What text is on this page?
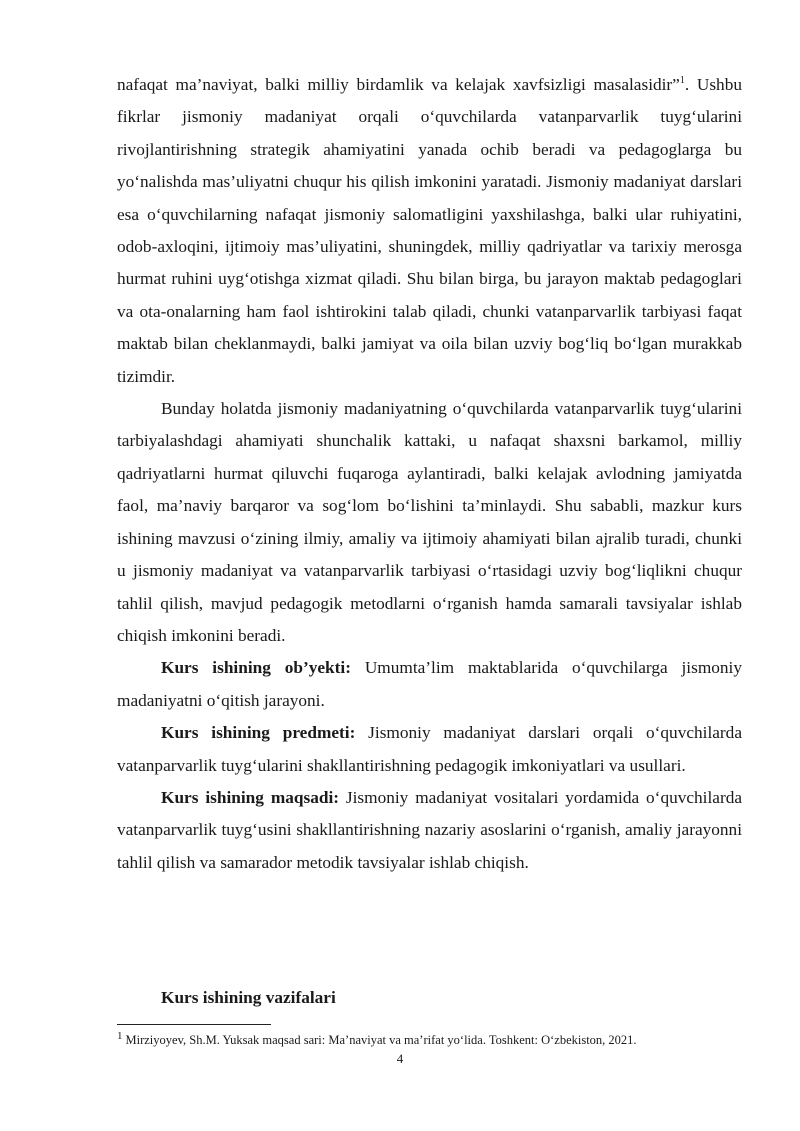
nafaqat ma’naviyat, balki milliy birdamlik va kelajak xavfsizligi masalasidir”$^1$. Ushbu fikrlar jismoniy madaniyat orqali o‘quvchilarda vatanparvarlik tuyg‘ularini rivojlantirishning strategik ahamiyatini yanada ochib beradi va pedagoglarga bu yo‘nalishda mas’uliyatni chuqur his qilish imkonini yaratadi. Jismoniy madaniyat darslari esa o‘quvchilarning nafaqat jismoniy salomatligini yaxshilashga, balki ular ruhiyatini, odob-axloqini, ijtimoiy mas’uliyatini, shuningdek, milliy qadriyatlar va tarixiy merosga hurmat ruhini uyg‘otishga xizmat qiladi. Shu bilan birga, bu jarayon maktab pedagoglari va ota-onalarning ham faol ishtirokini talab qiladi, chunki vatanparvarlik tarbiyasi faqat maktab bilan cheklanmaydi, balki jamiyat va oila bilan uzviy bog‘liq bo‘lgan murakkab tizimdir.

Bunday holatda jismoniy madaniyatning o‘quvchilarda vatanparvarlik tuyg‘ularini tarbiyalashdagi ahamiyati shunchalik kattaki, u nafaqat shaxsni barkamol, milliy qadriyatlarni hurmat qiluvchi fuqaroga aylantiradi, balki kelajak avlodning jamiyatda faol, ma’naviy barqaror va sog‘lom bo‘lishini ta’minlaydi. Shu sababli, mazkur kurs ishining mavzusi o‘zining ilmiy, amaliy va ijtimoiy ahamiyati bilan ajralib turadi, chunki u jismoniy madaniyat va vatanparvarlik tarbiyasi o‘rtasidagi uzviy bog‘liqlikni chuqur tahlil qilish, mavjud pedagogik metodlarni o‘rganish hamda samarali tavsiyalar ishlab chiqish imkonini beradi.

Kurs ishining ob’yekti: Umumta’lim maktablarida o‘quvchilarga jismoniy madaniyatni o‘qitish jarayoni.

Kurs ishining predmeti: Jismoniy madaniyat darslari orqali o‘quvchilarda vatanparvarlik tuyg‘ularini shakllantirishning pedagogik imkoniyatlari va usullari.

Kurs ishining maqsadi: Jismoniy madaniyat vositalari yordamida o‘quvchilarda vatanparvarlik tuyg‘usini shakllantirishning nazariy asoslarini o‘rganish, amaliy jarayonni tahlil qilish va samarador metodik tavsiyalar ishlab chiqish.

Kurs ishining vazifalari
1 Mirziyoyev, Sh.M. Yuksak maqsad sari: Ma’naviyat va ma’rifat yo‘lida. Toshkent: O‘zbekiston, 2021.
4
